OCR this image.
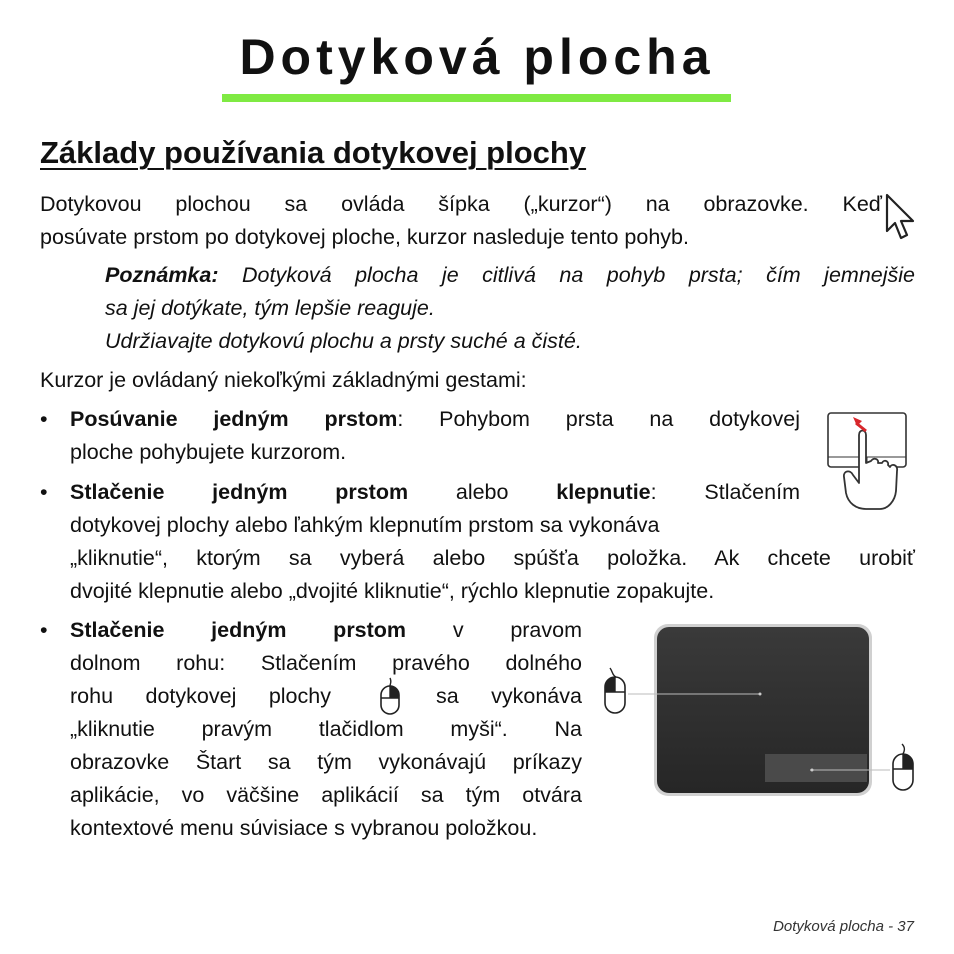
Dotyková plocha
Základy používania dotykovej plochy
Dotykovou plochou sa ovláda šípka („kurzor“) na obrazovke. Keď
posúvate prstom po dotykovej ploche, kurzor nasleduje tento pohyb.
Poznámka: Dotyková plocha je citlivá na pohyb prsta; čím jemnejšie
sa jej dotýkate, tým lepšie reaguje.
Udržiavajte dotykovú plochu a prsty suché a čisté.
Kurzor je ovládaný niekoľkými základnými gestami:
• Posúvanie jedným prstom: Pohybom prsta na dotykovej
ploche pohybujete kurzorom.
• Stlačenie jedným prstom alebo klepnutie: Stlačením
dotykovej plochy alebo ľahkým klepnutím prstom sa vykonáva
„kliknutie“, ktorým sa vyberá alebo spúšťa položka. Ak chcete urobiť
dvojité klepnutie alebo „dvojité kliknutie“, rýchlo klepnutie zopakujte.
• Stlačenie jedným prstom v pravom
dolnom rohu: Stlačením pravého dolného
rohu dotykovej plochy	sa vykonáva
„kliknutie pravým tlačidlom myši“. Na
obrazovke Štart sa tým vykonávajú príkazy
aplikácie, vo väčšine aplikácií sa tým otvára
kontextové menu súvisiace s vybranou položkou.
Dotyková plocha - 37
